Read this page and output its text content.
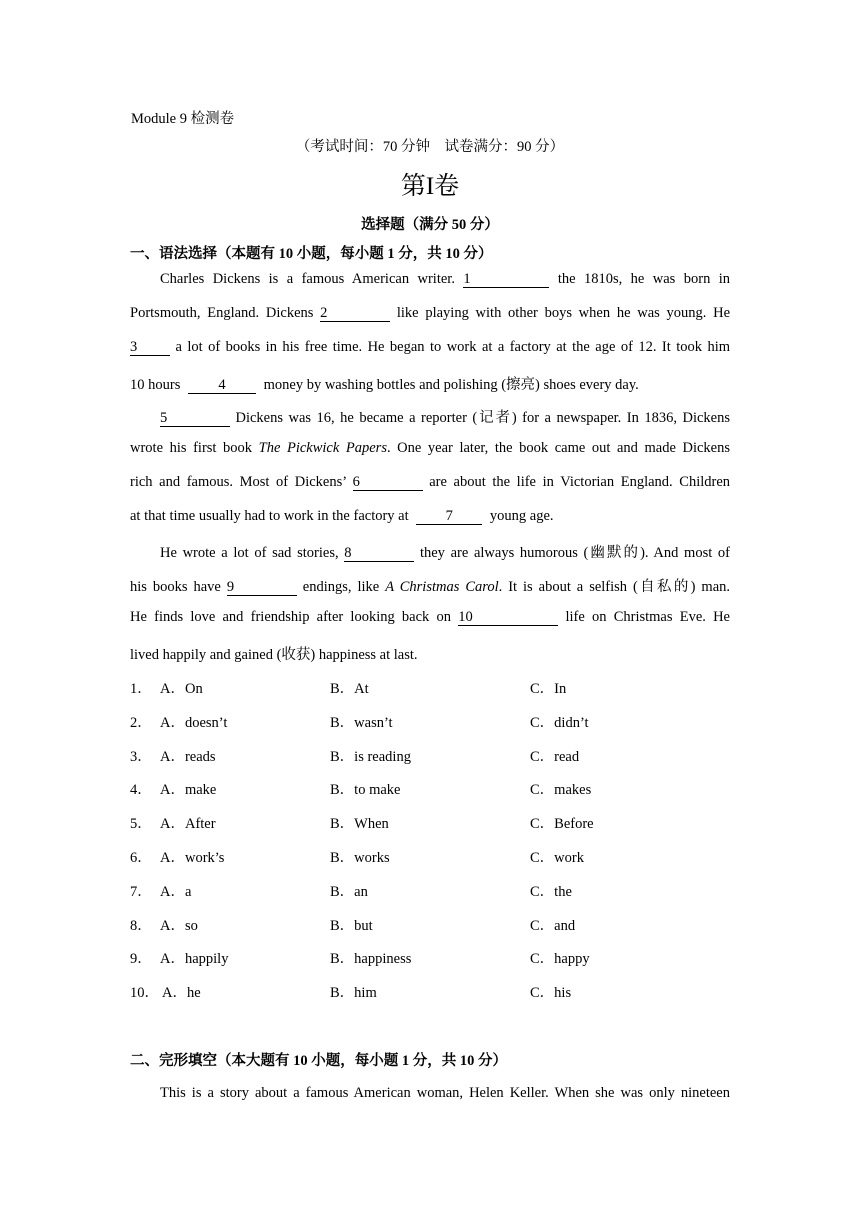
Module 9 检测卷
（考试时间：70 分钟　试卷满分：90 分）
第I卷
选择题（满分 50 分）
一、语法选择（本题有 10 小题，每小题 1 分，共 10 分）
Charles Dickens is a famous American writer. 1	the 1810s, he was born in
Portsmouth, England. Dickens 2	like playing with other boys when he was young. He
3	a lot of books in his free time. He began to work at a factory at the age of 12. It took him
10 hours	4	money by washing bottles and polishing (擦亮) shoes every day.
5	Dickens was 16, he became a reporter (记者) for a newspaper. In 1836, Dickens
wrote his first book The Pickwick Papers. One year later, the book came out and made Dickens
rich and famous. Most of Dickens’ 6	are about the life in Victorian England. Children
at that time usually had to work in the factory at	7	young age.
He wrote a lot of sad stories, 8	they are always humorous (幽默的). And most of
his books have 9	endings, like A Christmas Carol. It is about a selfish (自私的) man.
He finds love and friendship after looking back on 10	life on Christmas Eve. He
lived happily and gained (收获) happiness at last.
1． A．On	B．At	C．In
2． A．doesn’t	B．wasn’t	C．didn’t
3． A．reads	B．is reading	C．read
4． A．make	B．to make	C．makes
5． A．After	B．When	C．Before
6． A．work’s	B．works	C．work
7． A．a	B．an	C．the
8． A．so	B．but	C．and
9． A．happily	B．happiness	C．happy
10． A．he	B．him	C．his
二、完形填空（本大题有 10 小题，每小题 1 分，共 10 分）
This is a story about a famous American woman, Helen Keller. When she was only nineteen
